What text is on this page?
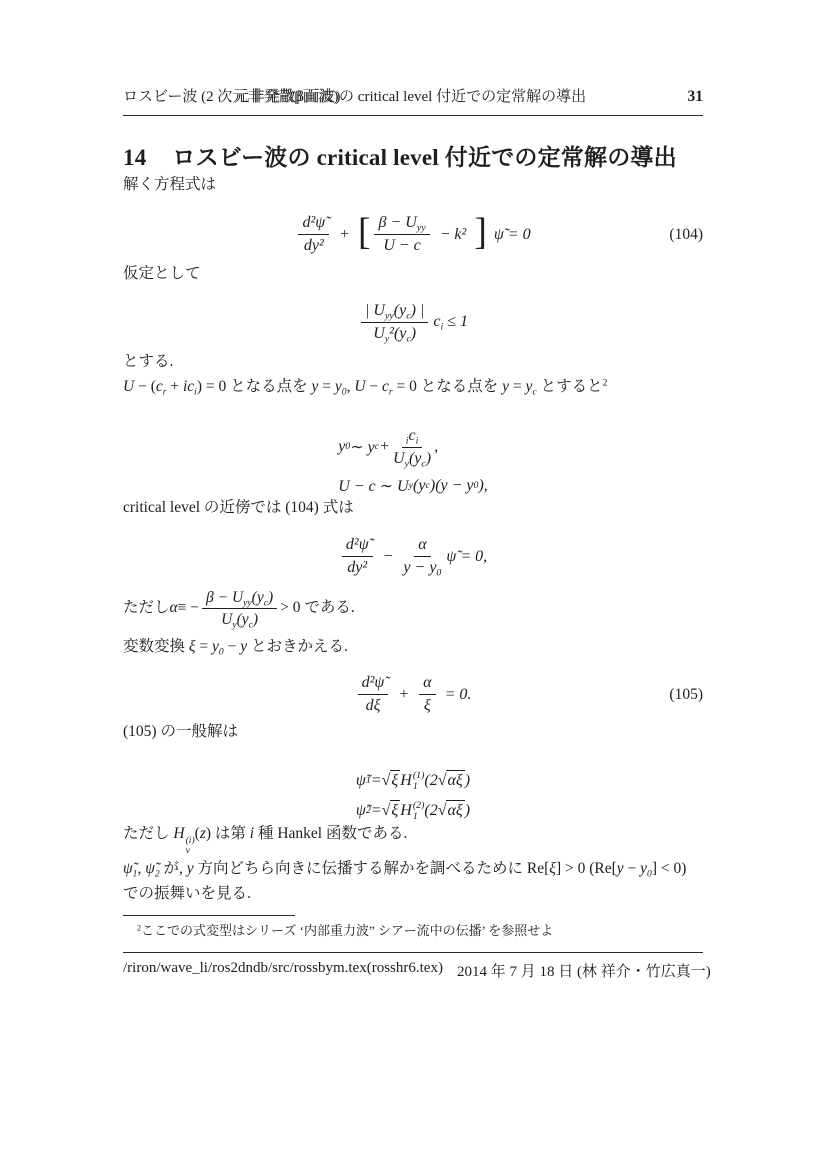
ロスビー波 (2 次元非発散β面波)の critical level 付近での定常解の導出	31
14 ロスビー波の critical level 付近での定常解の導出

解く方程式は

d²ψ̃
dy²
+ [ $\beta - U_{yy}$
U − c
− k² ] ψ̃ = 0	(104)

仮定として

| $U_{yy}(y_c)$ |
$U_y^2(y_c)$
$c_i \le 1$

とする.

$U - (c_r + ic_i) = 0$ となる点を $y = y_0$, $U - c_r = 0$ となる点を $y = y_c$ とすると$^2$

y 0 ∼ y c +	$_ic_i$
$U_y(y_c)$
,
U − c ∼ U y (y c )(y − y 0 ),

critical level の近傍では (104) 式は

d²ψ̃
dy²
− $\frac{\alpha}{y - y_0}$ ψ̃ = 0,

ただし α ≡ −
$\beta - U_{yy}(y_c)$
$U_y(y_c)$
> 0 である.

変数変換 $\xi = y_0 - y$ とおきかえる.

d²ψ̃
dξ
+ $\frac{\alpha}{\xi} = 0$.	(105)

(105) の一般解は

ψ̃ 1 = √ξ H (1)
1 (2 √αξ )
ψ̃ 2 = √ξ H (2)
1 (2 √αξ )

ただし H (i)
ν
(z) は第 i 種 Hankel 函数である.

$\psĩ_1$, $\psĩ_2$ が, y 方向どちら向きに伝播する解かを調べるために Re[ξ] > 0 $(Re[y - y_0] < 0)$ での振舞いを見る.

$^2$ここでの式変型はシリーズ ‘内部重力波” シアー流中の伝播’ を参照せよ
/riron/wave_li/ros2dndb/src/rossbym.tex(rosshr6.tex) 2014 年 7 月 18 日 (林 祥介・竹広真一)
